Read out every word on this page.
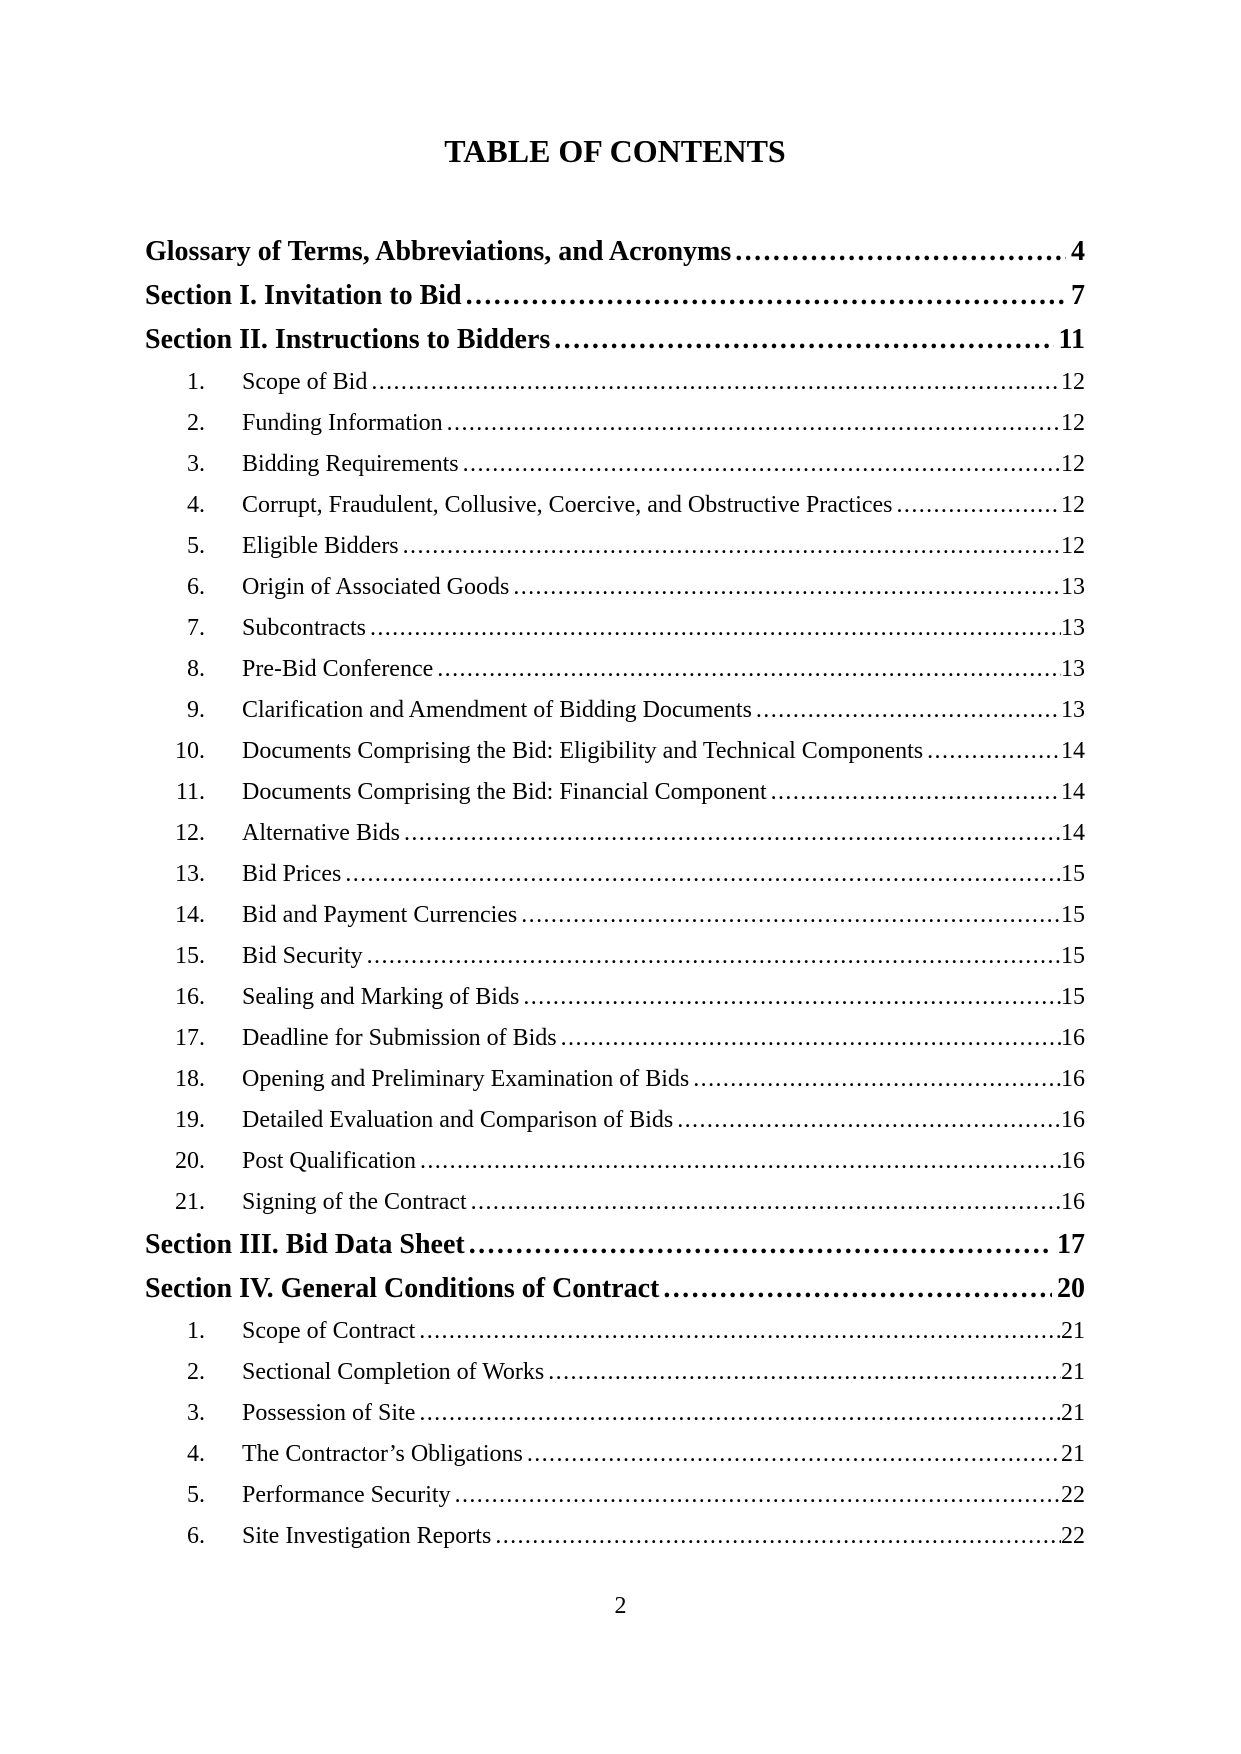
TABLE OF CONTENTS
Glossary of Terms, Abbreviations, and Acronyms .....	4
Section I. Invitation to Bid .....	7
Section II. Instructions to Bidders .....	11
1. Scope of Bid .....	12
2. Funding Information .....	12
3. Bidding Requirements .....	12
4. Corrupt, Fraudulent, Collusive, Coercive, and Obstructive Practices .....	12
5. Eligible Bidders .....	12
6. Origin of Associated Goods .....	13
7. Subcontracts .....	13
8. Pre-Bid Conference .....	13
9. Clarification and Amendment of Bidding Documents .....	13
10. Documents Comprising the Bid: Eligibility and Technical Components .....	14
11. Documents Comprising the Bid: Financial Component .....	14
12. Alternative Bids .....	14
13. Bid Prices .....	15
14. Bid and Payment Currencies .....	15
15. Bid Security .....	15
16. Sealing and Marking of Bids .....	15
17. Deadline for Submission of Bids .....	16
18. Opening and Preliminary Examination of Bids .....	16
19. Detailed Evaluation and Comparison of Bids .....	16
20. Post Qualification .....	16
21. Signing of the Contract .....	16
Section III. Bid Data Sheet .....	17
Section IV. General Conditions of Contract .....	20
1. Scope of Contract .....	21
2. Sectional Completion of Works .....	21
3. Possession of Site .....	21
4. The Contractor’s Obligations .....	21
5. Performance Security .....	22
6. Site Investigation Reports .....	22
2
